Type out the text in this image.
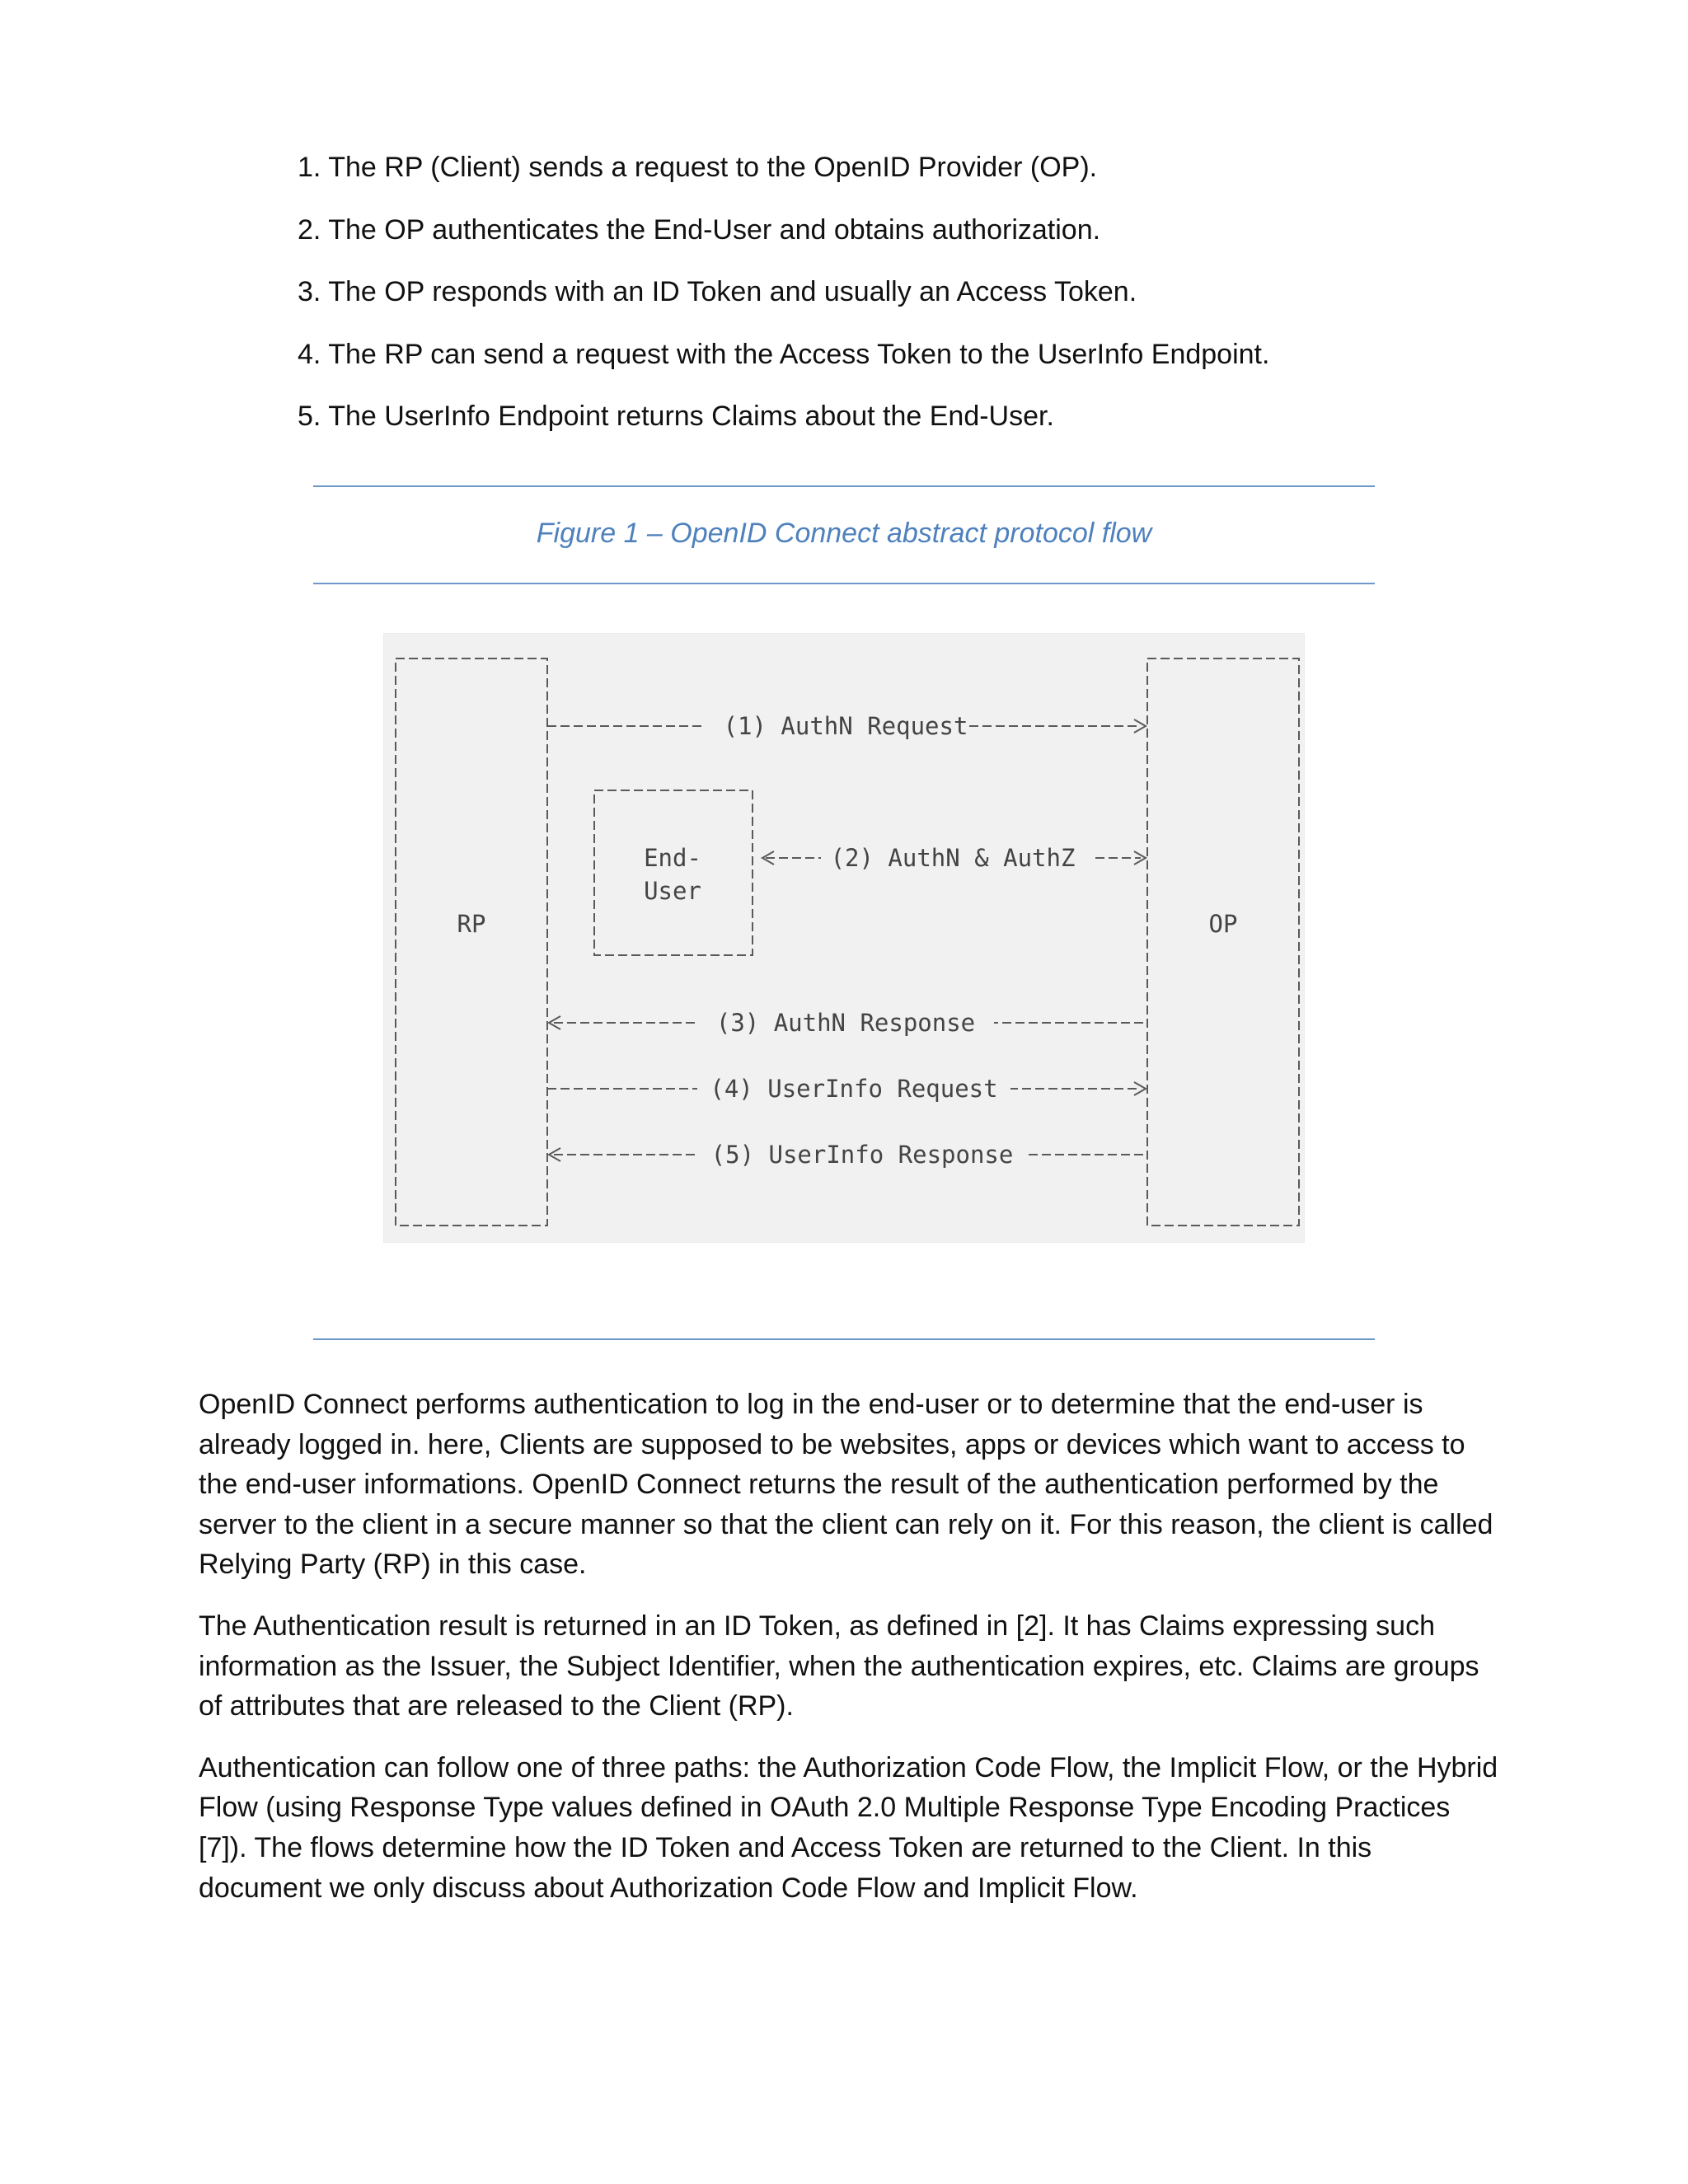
1. The RP (Client) sends a request to the OpenID Provider (OP).
2. The OP authenticates the End-User and obtains authorization.
3. The OP responds with an ID Token and usually an Access Token.
4. The RP can send a request with the Access Token to the UserInfo Endpoint.
5. The UserInfo Endpoint returns Claims about the End-User.
Figure 1 – OpenID Connect abstract protocol flow
(1) AuthN Request
(2) AuthN & AuthZ
(3) AuthN Response
(4) UserInfo Request
(5) UserInfo Response
RP	OP
End-
User

OpenID Connect performs authentication to log in the end-user or to determine that the end-user is already logged in. here, Clients are supposed to be websites, apps or devices which want to access to the end-user informations. OpenID Connect returns the result of the authentication performed by the server to the client in a secure manner so that the client can rely on it. For this reason, the client is called Relying Party (RP) in this case.

The Authentication result is returned in an ID Token, as defined in [2]. It has Claims expressing such information as the Issuer, the Subject Identifier, when the authentication expires, etc. Claims are groups of attributes that are released to the Client (RP).

Authentication can follow one of three paths: the Authorization Code Flow, the Implicit Flow, or the Hybrid Flow (using Response Type values defined in OAuth 2.0 Multiple Response Type Encoding Practices [7]). The flows determine how the ID Token and Access Token are returned to the Client. In this document we only discuss about Authorization Code Flow and Implicit Flow.
